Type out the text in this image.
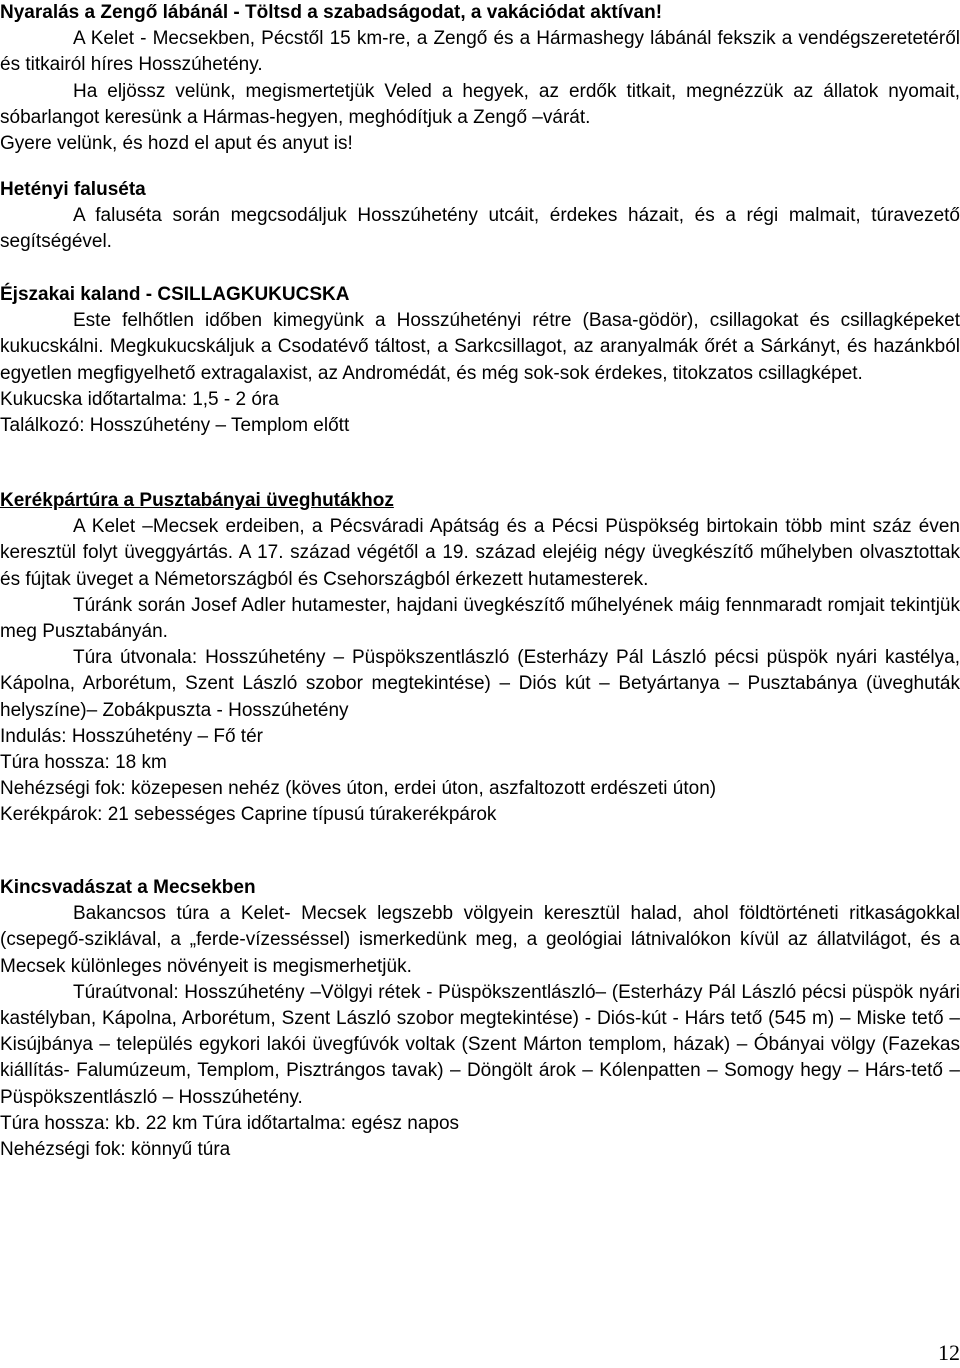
Nyaralás a Zengő lábánál - Töltsd a szabadságodat, a vakációdat aktívan!

A Kelet - Mecsekben, Pécstől 15 km-re, a Zengő és a Hármashegy lábánál fekszik a vendégszeretetéről és titkairól híres Hosszúhetény.

Ha eljössz velünk, megismertetjük Veled a hegyek, az erdők titkait, megnézzük az állatok nyomait, sóbarlangot keresünk a Hármas-hegyen, meghódítjuk a Zengő –várát.

Gyere velünk, és hozd el aput és anyut is!

Hetényi faluséta

A faluséta során megcsodáljuk Hosszúhetény utcáit, érdekes házait, és a régi malmait, túravezető segítségével.

Éjszakai kaland - CSILLAGKUKUCSKA

Este felhőtlen időben kimegyünk a Hosszúhetényi rétre (Basa-gödör), csillagokat és csillagképeket kukucskálni. Megkukucskáljuk a Csodatévő táltost, a Sarkcsillagot, az aranyalmák őrét a Sárkányt, és hazánkból egyetlen megfigyelhető extragalaxist, az Andromédát, és még sok-sok érdekes, titokzatos csillagképet.

Kukucska időtartalma: 1,5 - 2 óra

Találkozó: Hosszúhetény – Templom előtt

Kerékpártúra a Pusztabányai üveghutákhoz

A Kelet –Mecsek erdeiben, a Pécsváradi Apátság és a Pécsi Püspökség birtokain több mint száz éven keresztül folyt üveggyártás. A 17. század végétől a 19. század elejéig négy üvegkészítő műhelyben olvasztottak és fújtak üveget a Németországból és Csehországból érkezett hutamesterek.

Túránk során Josef Adler hutamester, hajdani üvegkészítő műhelyének máig fennmaradt romjait tekintjük meg Pusztabányán.

Túra útvonala: Hosszúhetény – Püspökszentlászló (Esterházy Pál László pécsi püspök nyári kastélya, Kápolna, Arborétum, Szent László szobor megtekintése) – Diós kút – Betyártanya – Pusztabánya (üveghuták helyszíne)– Zobákpuszta - Hosszúhetény

Indulás: Hosszúhetény – Fő tér

Túra hossza: 18 km

Nehézségi fok: közepesen nehéz (köves úton, erdei úton, aszfaltozott erdészeti úton)

Kerékpárok: 21 sebességes Caprine típusú túrakerékpárok

Kincsvadászat a Mecsekben

Bakancsos túra a Kelet- Mecsek legszebb völgyein keresztül halad, ahol földtörténeti ritkaságokkal (csepegő-sziklával, a „ferde-vízesséssel) ismerkedünk meg, a geológiai látnivalókon kívül az állatvilágot, és a Mecsek különleges növényeit is megismerhetjük.

Túraútvonal: Hosszúhetény –Völgyi rétek - Püspökszentlászló– (Esterházy Pál László pécsi püspök nyári kastélyban, Kápolna, Arborétum, Szent László szobor megtekintése) - Diós-kút - Hárs tető (545 m) – Miske tető – Kisújbánya – település egykori lakói üvegfúvók voltak (Szent Márton templom, házak) – Óbányai völgy (Fazekas kiállítás- Falumúzeum, Templom, Pisztrángos tavak) – Döngölt árok – Kólenpatten – Somogy hegy – Hárs-tető – Püspökszentlászló – Hosszúhetény.

Túra hossza: kb. 22 km Túra időtartalma: egész napos

Nehézségi fok: könnyű túra

12
